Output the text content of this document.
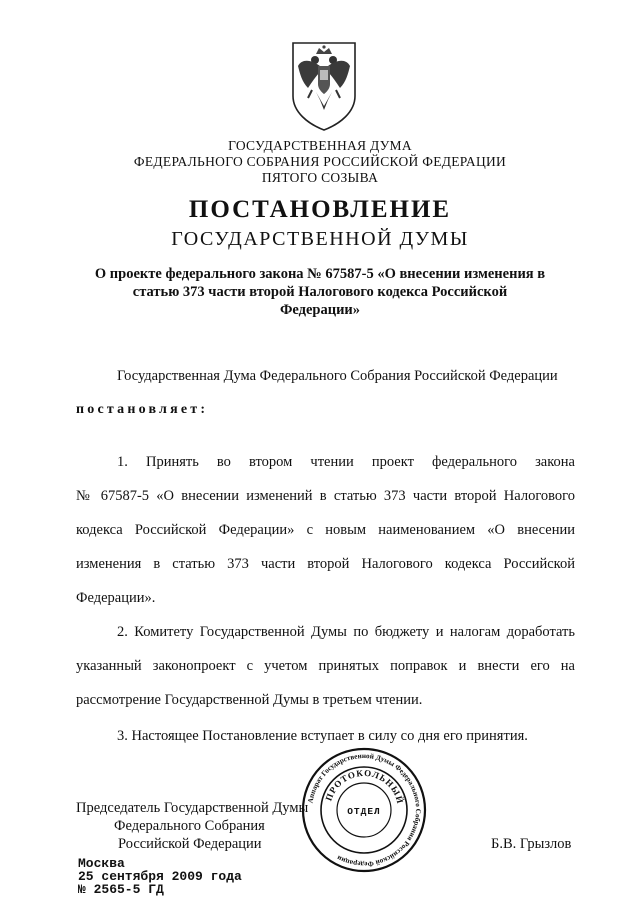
ГОСУДАРСТВЕННАЯ ДУМА
ФЕДЕРАЛЬНОГО СОБРАНИЯ РОССИЙСКОЙ ФЕДЕРАЦИИ
ПЯТОГО СОЗЫВА
ПОСТАНОВЛЕНИЕ
ГОСУДАРСТВЕННОЙ ДУМЫ
О проекте федерального закона № 67587-5 «О внесении изменения в
статью 373 части второй Налогового кодекса Российской
Федерации»
Государственная Дума Федерального Собрания Российской Федерации
постановляет:
1. Принять во втором чтении проект федерального закона
№ 67587-5 «О внесении изменений в статью 373 части второй Налогового
кодекса Российской Федерации» с новым наименованием «О внесении
изменения в статью 373 части второй Налогового кодекса Российской
Федерации».
2. Комитету Государственной Думы по бюджету и налогам доработать
указанный законопроект с учетом принятых поправок и внести его на
рассмотрение Государственной Думы в третьем чтении.
3. Настоящее Постановление вступает в силу со дня его принятия.
Аппарат Государственной Думы Федерального Собрания Российской Федерации
ПРОТОКОЛЬНЫЙ
ОТДЕЛ
Председатель Государственной Думы
Федерального Собрания
Российской Федерации	Б.В. Грызлов
Москва
25 сентября 2009 года
№ 2565-5 ГД
